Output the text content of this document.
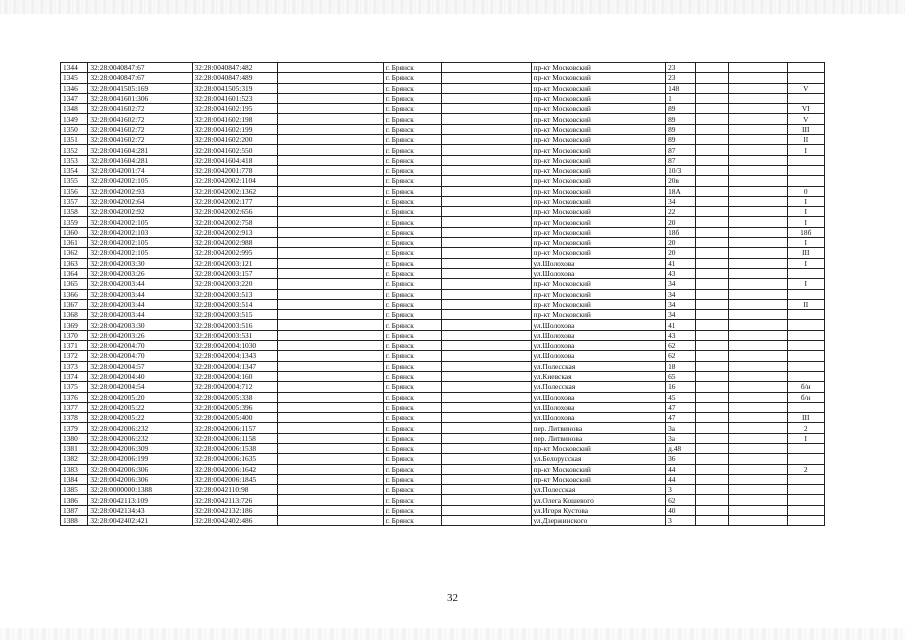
1344	32:28:0040847:67	32:28:0040847:482		г. Брянск		пр-кт Московский	23			
1345	32:28:0040847:67	32:28:0040847:489		г. Брянск		пр-кт Московский	23			
1346	32:28:0041505:169	32:28:0041505:319		г. Брянск		пр-кт Московский	148			V
1347	32:28:0041601:306	32:28:0041601:523		г. Брянск		пр-кт Московский	1			
1348	32:28:0041602:72	32:28:0041602:195		г. Брянск		пр-кт Московский	89			VI
1349	32:28:0041602:72	32:28:0041602:198		г. Брянск		пр-кт Московский	89			V
1350	32:28:0041602:72	32:28:0041602:199		г. Брянск		пр-кт Московский	89			III
1351	32:28:0041602:72	32:28:0041602:200		г. Брянск		пр-кт Московский	89			II
1352	32:28:0041604:281	32:28:0041602:550		г. Брянск		пр-кт Московский	87			I
1353	32:28:0041604:281	32:28:0041604:418		г. Брянск		пр-кт Московский	87			
1354	32:28:0042001:74	32:28:0042001:778		г. Брянск		пр-кт Московский	10/3			
1355	32:28:0042002:105	32:28:0042002:1104		г. Брянск		пр-кт Московский	20в			
1356	32:28:0042002:93	32:28:0042002:1362		г. Брянск		пр-кт Московский	18А			0
1357	32:28:0042002:64	32:28:0042002:177		г. Брянск		пр-кт Московский	34			I
1358	32:28:0042002:92	32:28:0042002:656		г. Брянск		пр-кт Московский	22			I
1359	32:28:0042002:105	32:28:0042002:758		г. Брянск		пр-кт Московский	20			I
1360	32:28:0042002:103	32:28:0042002:913		г. Брянск		пр-кт Московский	18б			18б
1361	32:28:0042002:105	32:28:0042002:988		г. Брянск		пр-кт Московский	20			I
1362	32:28:0042002:105	32:28:0042002:995		г. Брянск		пр-кт Московский	20			III
1363	32:28:0042003:30	32:28:0042003:121		г. Брянск		ул.Шолохова	41			I
1364	32:28:0042003:26	32:28:0042003:157		г. Брянск		ул.Шолохова	43			
1365	32:28:0042003:44	32:28:0042003:220		г. Брянск		пр-кт Московский	34			I
1366	32:28:0042003:44	32:28:0042003:513		г. Брянск		пр-кт Московский	34			
1367	32:28:0042003:44	32:28:0042003:514		г. Брянск		пр-кт Московский	34			II
1368	32:28:0042003:44	32:28:0042003:515		г. Брянск		пр-кт Московский	34			
1369	32:28:0042003:30	32:28:0042003:516		г. Брянск		ул.Шолохова	41			
1370	32:28:0042003:26	32:28:0042003:531		г. Брянск		ул.Шолохова	43			
1371	32:28:0042004:70	32:28:0042004:1030		г. Брянск		ул.Шолохова	62			
1372	32:28:0042004:70	32:28:0042004:1343		г. Брянск		ул.Шолохова	62			
1373	32:28:0042004:57	32:28:0042004:1347		г. Брянск		ул.Полесская	18			
1374	32:28:0042004:40	32:28:0042004:160		г. Брянск		ул.Киевская	65			
1375	32:28:0042004:54	32:28:0042004:712		г. Брянск		ул.Полесская	16			б/н
1376	32:28:0042005:20	32:28:0042005:338		г. Брянск		ул.Шолохова	45			б/н
1377	32:28:0042005:22	32:28:0042005:396		г. Брянск		ул.Шолохова	47			
1378	32:28:0042005:22	32:28:0042005:400		г. Брянск		ул.Шолохова	47			III
1379	32:28:0042006:232	32:28:0042006:1157		г. Брянск		пер. Литвинова	3а			2
1380	32:28:0042006:232	32:28:0042006:1158		г. Брянск		пер. Литвинова	3а			I
1381	32:28:0042006:309	32:28:0042006:1538		г. Брянск		пр-кт Московский	д.48			
1382	32:28:0042006:199	32:28:0042006:1635		г. Брянск		ул.Белорусская	36			
1383	32:28:0042006:306	32:28:0042006:1642		г. Брянск		пр-кт Московский	44			2
1384	32:28:0042006:306	32:28:0042006:1845		г. Брянск		пр-кт Московский	44			
1385	32:28:0000000:1388	32:28:0042110:98		г. Брянск		ул.Полесская	3			
1386	32:28:0042113:109	32:28:0042113:726		г. Брянск		ул.Олега Кошевого	62			
1387	32:28:0042134:43	32:28:0042132:186		г. Брянск		ул.Игоря Кустова	40			
1388	32:28:0042402:421	32:28:0042402:486		г. Брянск		ул.Дзержинского	3			
32
